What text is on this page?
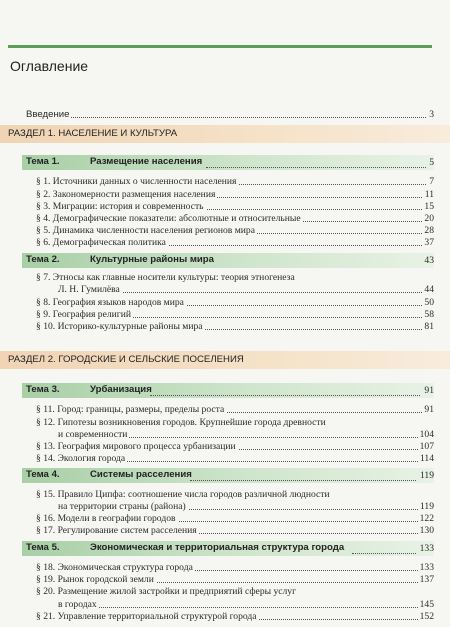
Оглавление
Введение	3
РАЗДЕЛ 1. НАСЕЛЕНИЕ И КУЛЬТУРА
Тема 1.	Размещение населения	5
§ 1. Источники данных о численности населения	7
§ 2. Закономерности размещения населения	11
§ 3. Миграции: история и современность	15
§ 4. Демографические показатели: абсолютные и относительные	20
§ 5. Динамика численности населения регионов мира	28
§ 6. Демографическая политика	37
Тема 2.	Культурные районы мира	43
§ 7. Этносы как главные носители культуры: теория этногенеза
Л. Н. Гумилёва	44
§ 8. География языков народов мира	50
§ 9. География религий	58
§ 10. Историко-культурные районы мира	81
РАЗДЕЛ 2. ГОРОДСКИЕ И СЕЛЬСКИЕ ПОСЕЛЕНИЯ
Тема 3.	Урбанизация	91
§ 11. Город: границы, размеры, пределы роста	91
§ 12. Гипотезы возникновения городов. Крупнейшие города древности
и современности	104
§ 13. География мирового процесса урбанизации	107
§ 14. Экология города	114
Тема 4.	Системы расселения	119
§ 15. Правило Ципфа: соотношение числа городов различной людности
на территории страны (района)	119
§ 16. Модели в географии городов	122
§ 17. Регулирование систем расселения	130
Тема 5.	Экономическая и территориальная структура города	133
§ 18. Экономическая структура города	133
§ 19. Рынок городской земли	137
§ 20. Размещение жилой застройки и предприятий сферы услуг
в городах	145
§ 21. Управление территориальной структурой города	152
